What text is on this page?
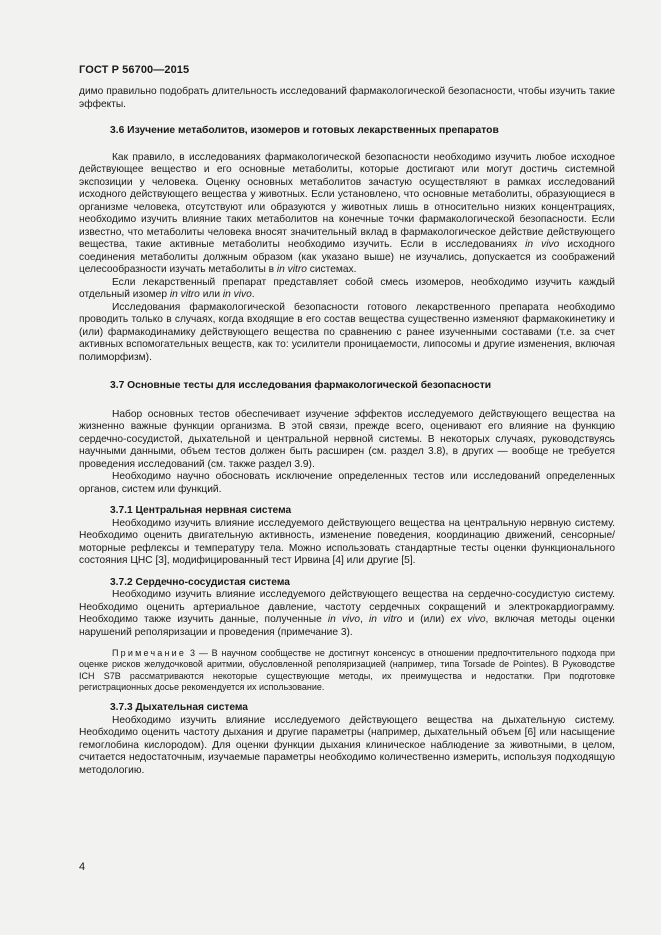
ГОСТ Р 56700—2015

димо правильно подобрать длительность исследований фармакологической безопасности, чтобы изучить такие эффекты.

3.6 Изучение метаболитов, изомеров и готовых лекарственных препаратов

Как правило, в исследованиях фармакологической безопасности необходимо изучить любое исходное действующее вещество и его основные метаболиты, которые достигают или могут достичь системной экспозиции у человека. Оценку основных метаболитов зачастую осуществляют в рамках исследований исходного действующего вещества у животных. Если установлено, что основные метаболиты, образующиеся в организме человека, отсутствуют или образуются у животных лишь в относительно низких концентрациях, необходимо изучить влияние таких метаболитов на конечные точки фармакологической безопасности. Если известно, что метаболиты человека вносят значительный вклад в фармакологическое действие действующего вещества, такие активные метаболиты необходимо изучить. Если в исследованиях in vivo исходного соединения метаболиты должным образом (как указано выше) не изучались, допускается из соображений целесообразности изучать метаболиты в in vitro системах.

Если лекарственный препарат представляет собой смесь изомеров, необходимо изучить каждый отдельный изомер in vitro или in vivo.

Исследования фармакологической безопасности готового лекарственного препарата необходимо проводить только в случаях, когда входящие в его состав вещества существенно изменяют фармакокинетику и (или) фармакодинамику действующего вещества по сравнению с ранее изученными составами (т.е. за счет активных вспомогательных веществ, как то: усилители проницаемости, липосомы и другие изменения, включая полиморфизм).

3.7 Основные тесты для исследования фармакологической безопасности

Набор основных тестов обеспечивает изучение эффектов исследуемого действующего вещества на жизненно важные функции организма. В этой связи, прежде всего, оценивают его влияние на функцию сердечно-сосудистой, дыхательной и центральной нервной системы. В некоторых случаях, руководствуясь научными данными, объем тестов должен быть расширен (см. раздел 3.8), в других — вообще не требуется проведения исследований (см. также раздел 3.9).

Необходимо научно обосновать исключение определенных тестов или исследований определенных органов, систем или функций.

3.7.1 Центральная нервная система

Необходимо изучить влияние исследуемого действующего вещества на центральную нервную систему. Необходимо оценить двигательную активность, изменение поведения, координацию движений, сенсорные/моторные рефлексы и температуру тела. Можно использовать стандартные тесты оценки функционального состояния ЦНС [3], модифицированный тест Ирвина [4] или другие [5].

3.7.2 Сердечно-сосудистая система

Необходимо изучить влияние исследуемого действующего вещества на сердечно-сосудистую систему. Необходимо оценить артериальное давление, частоту сердечных сокращений и электрокардиограмму. Необходимо также изучить данные, полученные in vivo, in vitro и (или) ex vivo, включая методы оценки нарушений реполяризации и проведения (примечание 3).

Примечание 3 — В научном сообществе не достигнут консенсус в отношении предпочтительного подхода при оценке рисков желудочковой аритмии, обусловленной реполяризацией (например, типа Torsade de Pointes). В Руководстве ICH S7B рассматриваются некоторые существующие методы, их преимущества и недостатки. При подготовке регистрационных досье рекомендуется их использование.

3.7.3 Дыхательная система

Необходимо изучить влияние исследуемого действующего вещества на дыхательную систему. Необходимо оценить частоту дыхания и другие параметры (например, дыхательный объем [6] или насыщение гемоглобина кислородом). Для оценки функции дыхания клиническое наблюдение за животными, в целом, считается недостаточным, изучаемые параметры необходимо количественно измерить, используя подходящую методологию.

4
